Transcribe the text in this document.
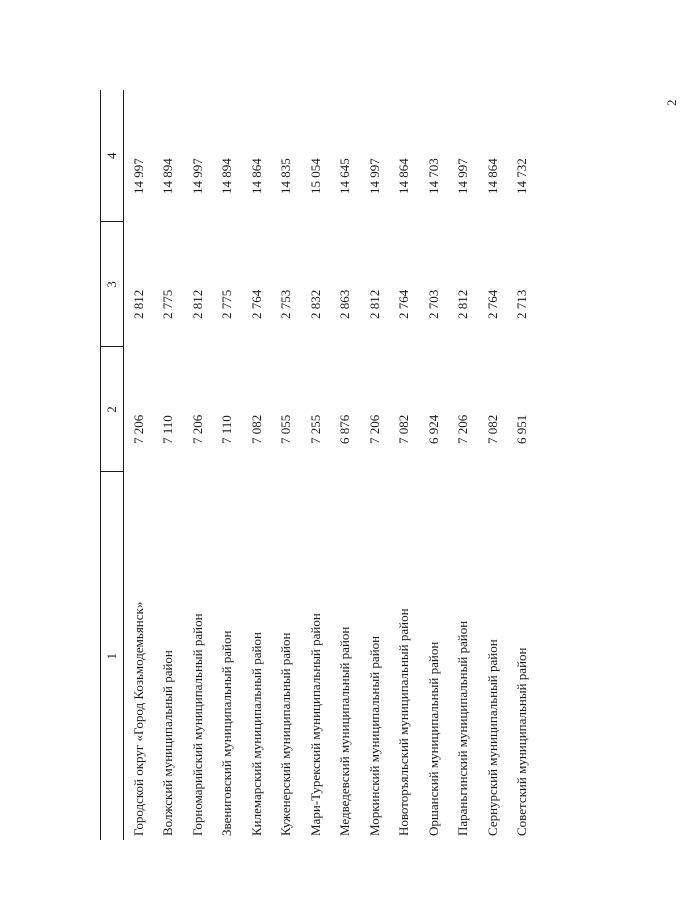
2
1	2	3	4
Городской округ «Город Козьмодемьянск»	7 206	2 812	14 997
Волжский муниципальный район	7 110	2 775	14 894
Горномарийский муниципальный район	7 206	2 812	14 997
Звениговский муниципальный район	7 110	2 775	14 894
Килемарский муниципальный район	7 082	2 764	14 864
Куженерский муниципальный район	7 055	2 753	14 835
Мари-Турекский муниципальный район	7 255	2 832	15 054
Медведевский муниципальный район	6 876	2 863	14 645
Моркинский муниципальный район	7 206	2 812	14 997
Новоторъяльский муниципальный район	7 082	2 764	14 864
Оршанский муниципальный район	6 924	2 703	14 703
Параньгинский муниципальный район	7 206	2 812	14 997
Сернурский муниципальный район	7 082	2 764	14 864
Советский муниципальный район	6 951	2 713	14 732
